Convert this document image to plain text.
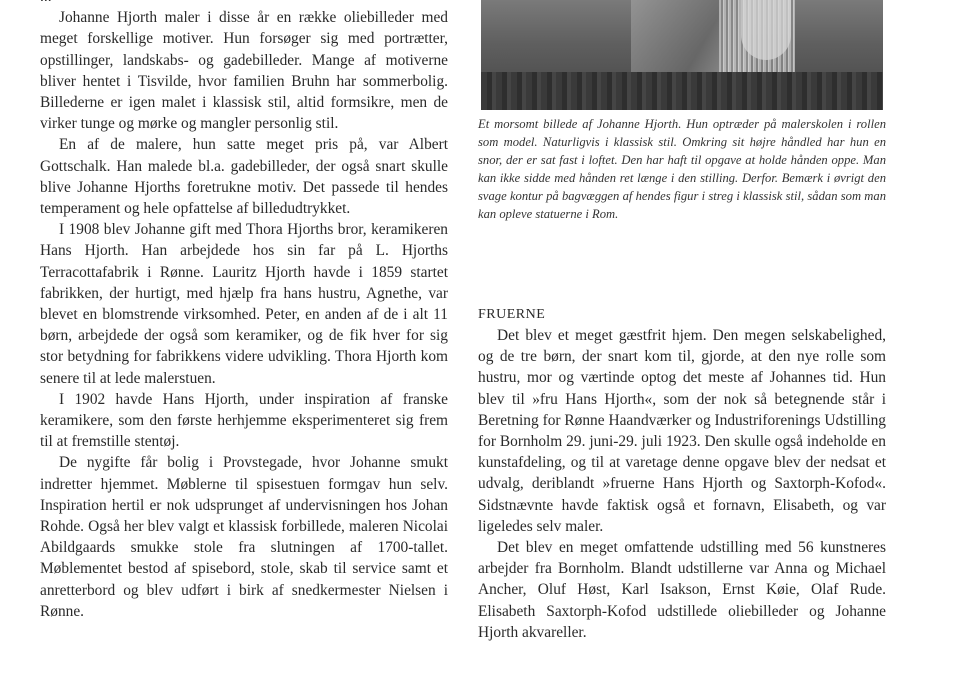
Johanne Hjorth maler i disse år en række oliebilleder med meget forskellige motiver. Hun forsøger sig med portrætter, opstillinger, landskabs- og gadebilleder. Mange af motiverne bliver hentet i Tisvilde, hvor familien Bruhn har sommerbolig. Billederne er igen malet i klassisk stil, altid formsikre, men de virker tunge og mørke og mangler personlig stil.

En af de malere, hun satte meget pris på, var Albert Gottschalk. Han malede bl.a. gadebilleder, der også snart skulle blive Johanne Hjorths foretrukne motiv. Det passede til hendes temperament og hele opfattelse af billedudtrykket.

I 1908 blev Johanne gift med Thora Hjorths bror, keramikeren Hans Hjorth. Han arbejdede hos sin far på L. Hjorths Terracottafabrik i Rønne. Lauritz Hjorth havde i 1859 startet fabrikken, der hurtigt, med hjælp fra hans hustru, Agnethe, var blevet en blomstrende virksomhed. Peter, en anden af de i alt 11 børn, arbejdede der også som keramiker, og de fik hver for sig stor betydning for fabrikkens videre udvikling. Thora Hjorth kom senere til at lede malerstuen.

I 1902 havde Hans Hjorth, under inspiration af franske keramikere, som den første herhjemme eksperimenteret sig frem til at fremstille stentøj.

De nygifte får bolig i Provstegade, hvor Johanne smukt indretter hjemmet. Møblerne til spisestuen formgav hun selv. Inspiration hertil er nok udsprunget af undervisningen hos Johan Rohde. Også her blev valgt et klassisk forbillede, maleren Nicolai Abildgaards smukke stole fra slutningen af 1700-tallet. Møblementet bestod af spisebord, stole, skab til service samt et anretterbord og blev udført i birk af snedkermester Nielsen i Rønne.

Et morsomt billede af Johanne Hjorth. Hun optræder på malerskolen i rollen som model. Naturligvis i klassisk stil. Omkring sit højre håndled har hun en snor, der er sat fast i loftet. Den har haft til opgave at holde hånden oppe. Man kan ikke sidde med hånden ret længe i den stilling. Derfor. Bemærk i øvrigt den svage kontur på bagvæggen af hendes figur i streg i klassisk stil, sådan som man kan opleve statuerne i Rom.
FRUERNE

Det blev et meget gæstfrit hjem. Den megen selskabelighed, og de tre børn, der snart kom til, gjorde, at den nye rolle som hustru, mor og værtinde optog det meste af Johannes tid. Hun blev til »fru Hans Hjorth«, som der nok så betegnende står i Beretning for Rønne Haandværker og Industriforenings Udstilling for Bornholm 29. juni-29. juli 1923. Den skulle også indeholde en kunstafdeling, og til at varetage denne opgave blev der nedsat et udvalg, deriblandt »fruerne Hans Hjorth og Saxtorph-Kofod«. Sidstnævnte havde faktisk også et fornavn, Elisabeth, og var ligeledes selv maler.

Det blev en meget omfattende udstilling med 56 kunstneres arbejder fra Bornholm. Blandt udstillerne var Anna og Michael Ancher, Oluf Høst, Karl Isakson, Ernst Køie, Olaf Rude. Elisabeth Saxtorph-Kofod udstillede oliebilleder og Johanne Hjorth akvareller.
